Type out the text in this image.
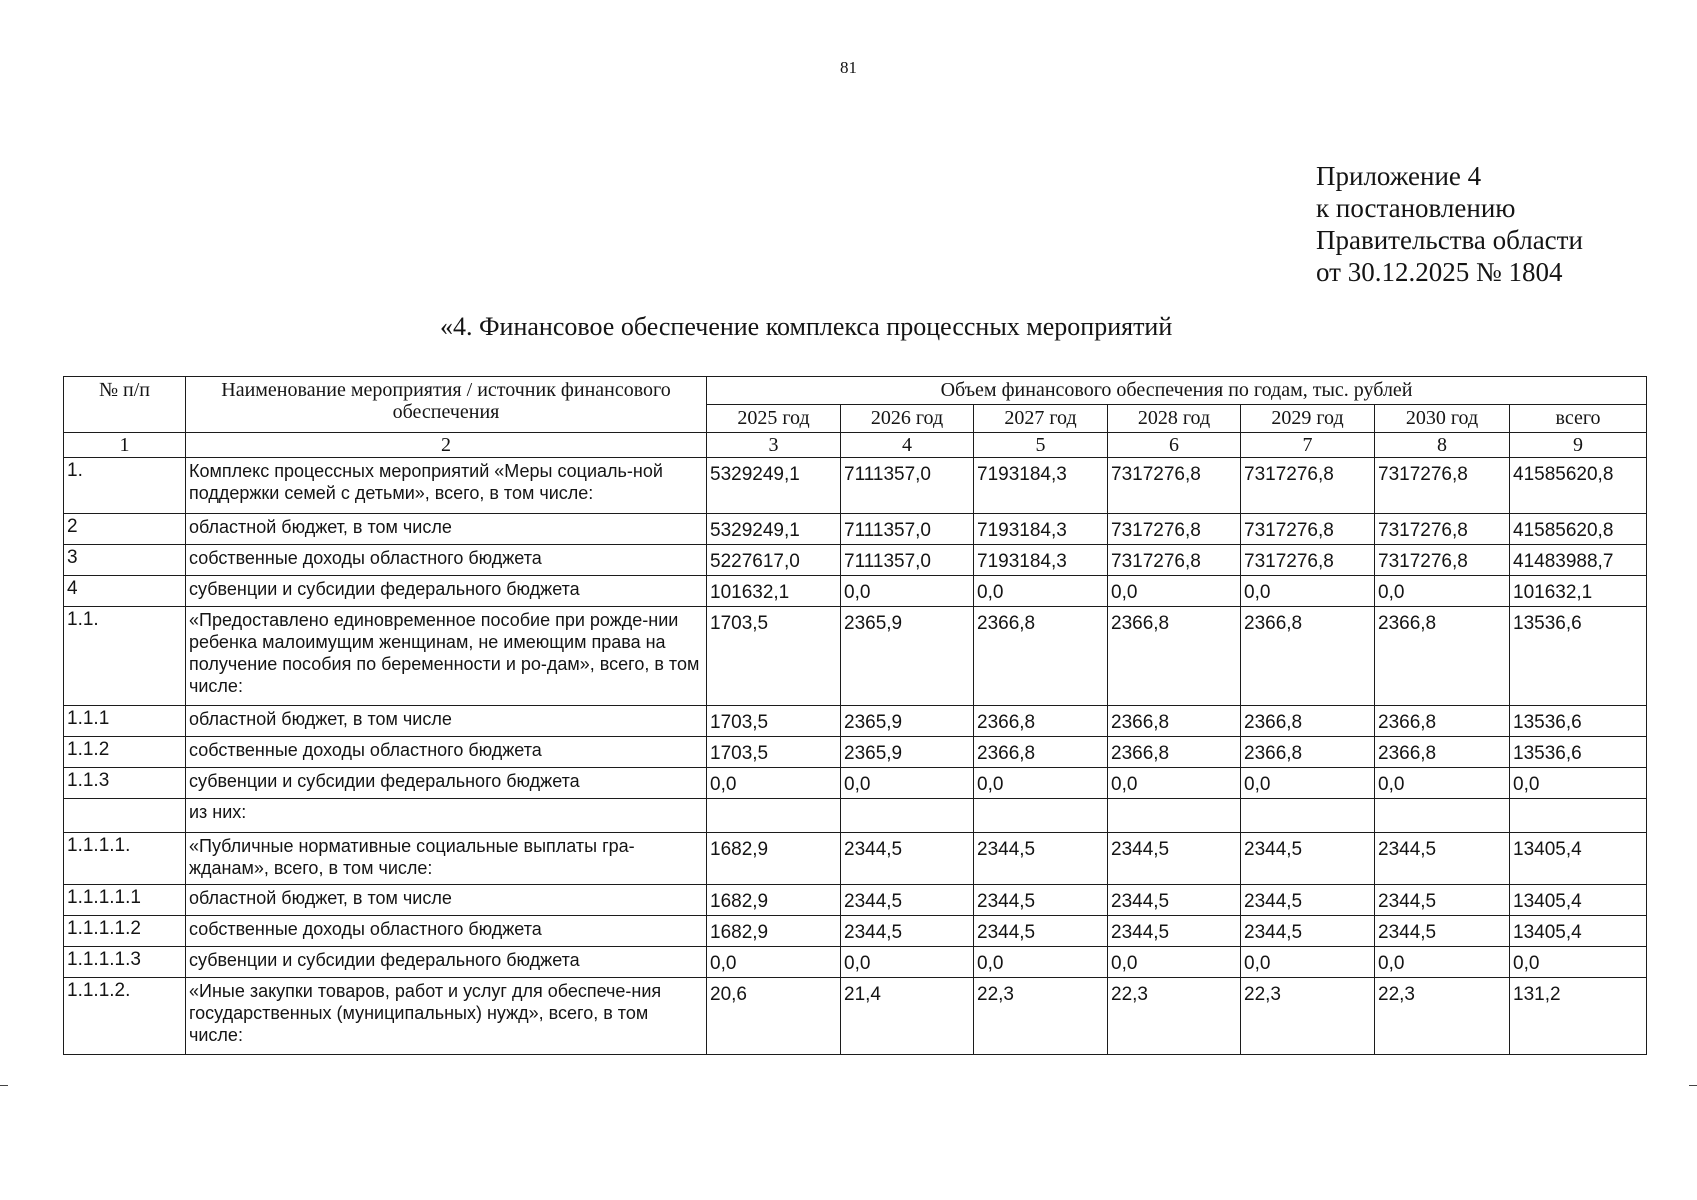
81
Приложение 4
к постановлению
Правительства области
от 30.12.2025 № 1804
«4. Финансовое обеспечение комплекса процессных мероприятий
№ п/п	Наименование мероприятия / источник финансового обеспечения	Объем финансового обеспечения по годам, тыс. рублей						
		2025 год	2026 год	2027 год	2028 год	2029 год	2030 год	всего
1	2	3	4	5	6	7	8	9
1.	Комплекс процессных мероприятий «Меры социаль-ной поддержки семей с детьми», всего, в том числе:	5329249,1	7111357,0	7193184,3	7317276,8	7317276,8	7317276,8	41585620,8
2	областной бюджет, в том числе	5329249,1	7111357,0	7193184,3	7317276,8	7317276,8	7317276,8	41585620,8
3	собственные доходы областного бюджета	5227617,0	7111357,0	7193184,3	7317276,8	7317276,8	7317276,8	41483988,7
4	субвенции и субсидии федерального бюджета	101632,1	0,0	0,0	0,0	0,0	0,0	101632,1
1.1.	«Предоставлено единовременное пособие при рожде-нии ребенка малоимущим женщинам, не имеющим права на получение пособия по беременности и ро-дам», всего, в том числе:	1703,5	2365,9	2366,8	2366,8	2366,8	2366,8	13536,6
1.1.1	областной бюджет, в том числе	1703,5	2365,9	2366,8	2366,8	2366,8	2366,8	13536,6
1.1.2	собственные доходы областного бюджета	1703,5	2365,9	2366,8	2366,8	2366,8	2366,8	13536,6
1.1.3	субвенции и субсидии федерального бюджета	0,0	0,0	0,0	0,0	0,0	0,0	0,0
	из них:							
1.1.1.1.	«Публичные нормативные социальные выплаты гра-жданам», всего, в том числе:	1682,9	2344,5	2344,5	2344,5	2344,5	2344,5	13405,4
1.1.1.1.1	областной бюджет, в том числе	1682,9	2344,5	2344,5	2344,5	2344,5	2344,5	13405,4
1.1.1.1.2	собственные доходы областного бюджета	1682,9	2344,5	2344,5	2344,5	2344,5	2344,5	13405,4
1.1.1.1.3	субвенции и субсидии федерального бюджета	0,0	0,0	0,0	0,0	0,0	0,0	0,0
1.1.1.2.	«Иные закупки товаров, работ и услуг для обеспече-ния государственных (муниципальных) нужд», всего, в том числе:	20,6	21,4	22,3	22,3	22,3	22,3	131,2
